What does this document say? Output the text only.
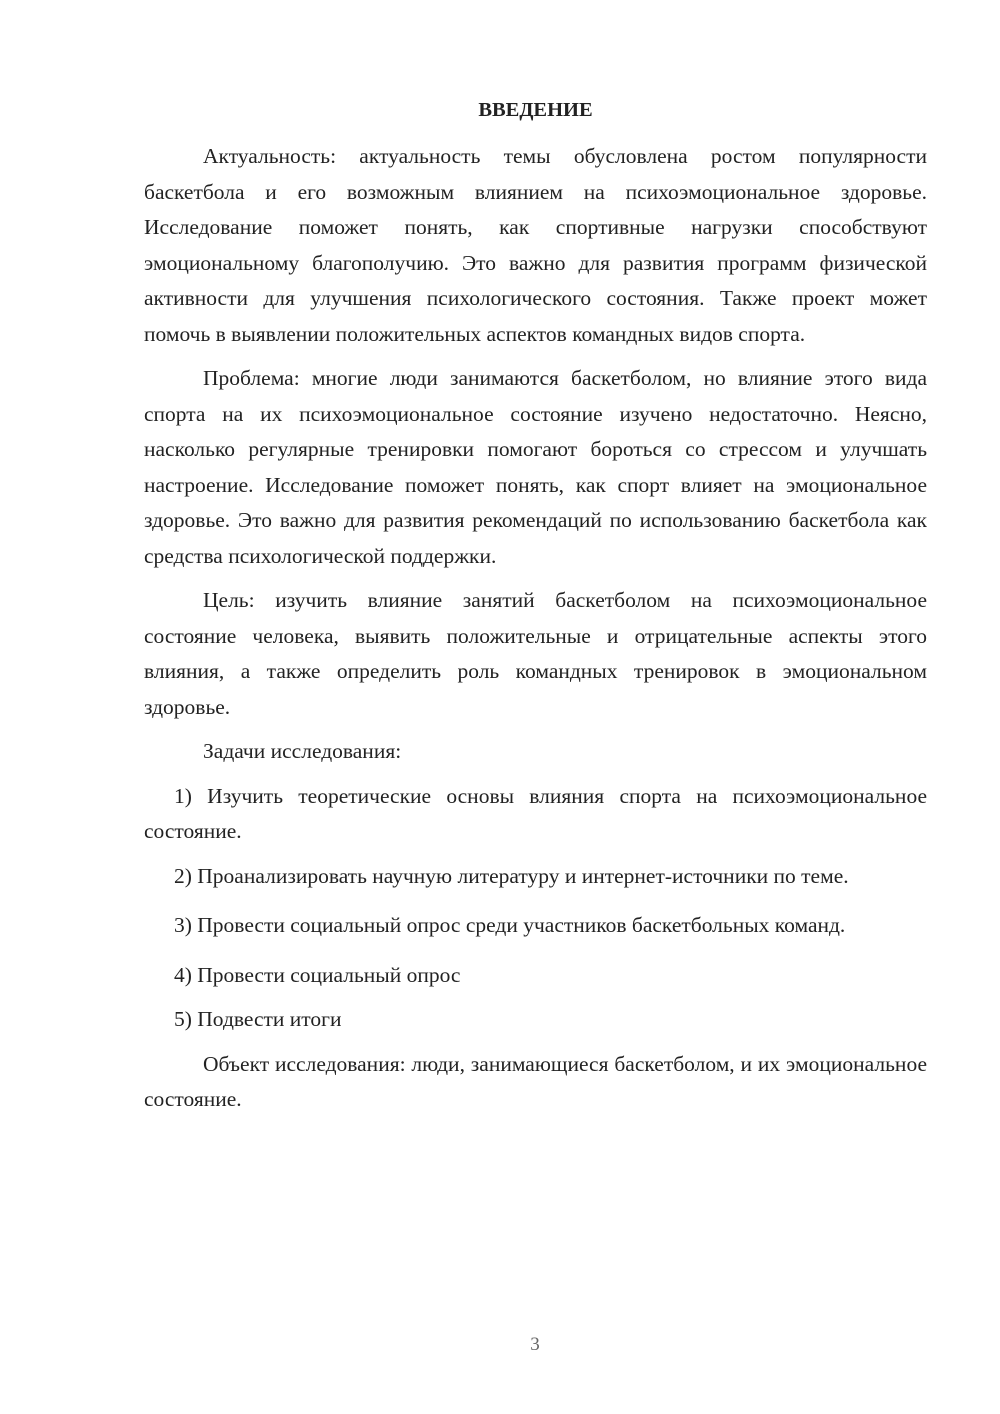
ВВЕДЕНИЕ

Актуальность: актуальность темы обусловлена ростом популярности баскетбола и его возможным влиянием на психоэмоциональное здоровье. Исследование поможет понять, как спортивные нагрузки способствуют эмоциональному благополучию. Это важно для развития программ физической активности для улучшения психологического состояния. Также проект может помочь в выявлении положительных аспектов командных видов спорта.

Проблема: многие люди занимаются баскетболом, но влияние этого вида спорта на их психоэмоциональное состояние изучено недостаточно. Неясно, насколько регулярные тренировки помогают бороться со стрессом и улучшать настроение. Исследование поможет понять, как спорт влияет на эмоциональное здоровье. Это важно для развития рекомендаций по использованию баскетбола как средства психологической поддержки.

Цель: изучить влияние занятий баскетболом на психоэмоциональное состояние человека, выявить положительные и отрицательные аспекты этого влияния, а также определить роль командных тренировок в эмоциональном здоровье.

Задачи исследования:

1) Изучить теоретические основы влияния спорта на психоэмоциональное состояние.

2) Проанализировать научную литературу и интернет-источники по теме.

3) Провести социальный опрос среди участников баскетбольных команд.

4) Провести социальный опрос

5) Подвести итоги

Объект исследования: люди, занимающиеся баскетболом, и их эмоциональное состояние.

3
